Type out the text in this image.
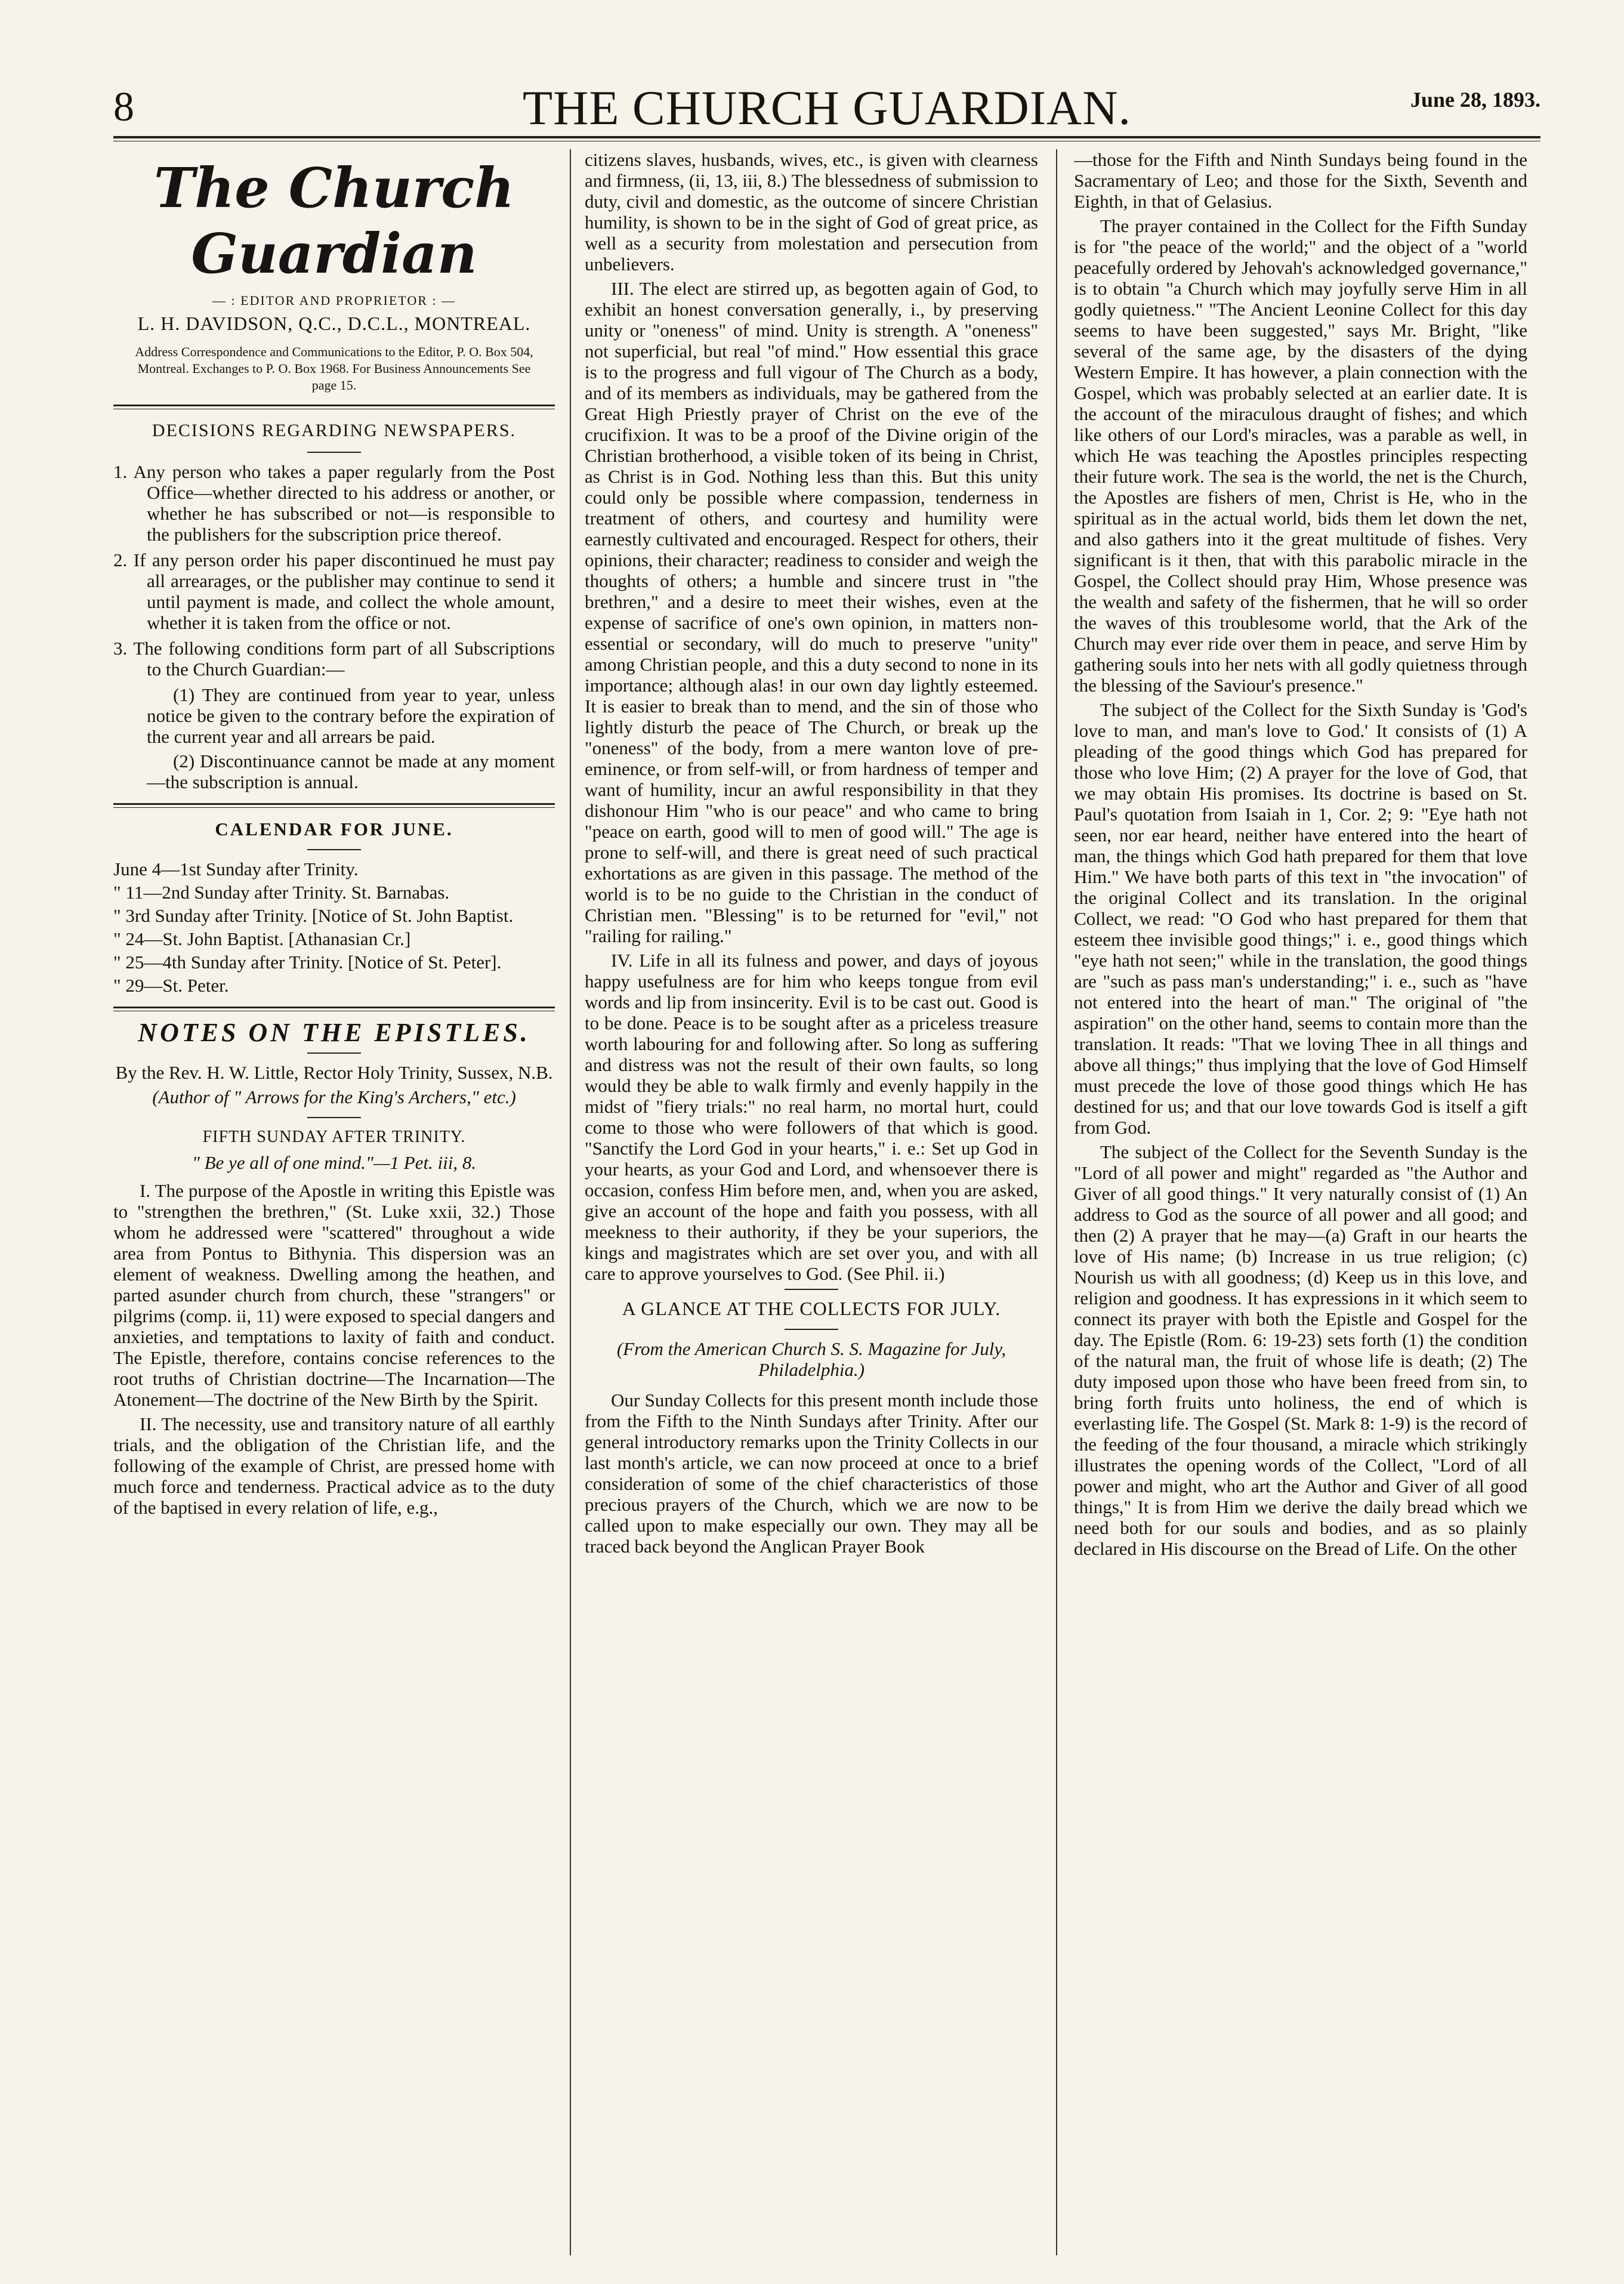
8	THE CHURCH GUARDIAN.	June 28, 1893.
The Church Guardian
— : EDITOR AND PROPRIETOR : —
L. H. DAVIDSON, Q.C., D.C.L., MONTREAL.
Address Correspondence and Communications to the Editor, P. O. Box 504, Montreal. Exchanges to P. O. Box 1968. For Business Announcements See page 15.
DECISIONS REGARDING NEWSPAPERS.

1. Any person who takes a paper regularly from the Post Office—whether directed to his address or another, or whether he has subscribed or not—is responsible to the publishers for the subscription price thereof.

2. If any person order his paper discontinued he must pay all arrearages, or the publisher may continue to send it until payment is made, and collect the whole amount, whether it is taken from the office or not.

3. The following conditions form part of all Subscriptions to the Church Guardian:—

(1) They are continued from year to year, unless notice be given to the contrary before the expiration of the current year and all arrears be paid.

(2) Discontinuance cannot be made at any moment—the subscription is annual.

CALENDAR FOR JUNE.

June 4—1st Sunday after Trinity.

" 11—2nd Sunday after Trinity. St. Barnabas.

" 3rd Sunday after Trinity. [Notice of St. John Baptist.

" 24—St. John Baptist. [Athanasian Cr.]

" 25—4th Sunday after Trinity. [Notice of St. Peter].

" 29—St. Peter.

NOTES ON THE EPISTLES.
By the Rev. H. W. Little, Rector Holy Trinity, Sussex, N.B.
(Author of " Arrows for the King's Archers," etc.)
FIFTH SUNDAY AFTER TRINITY.
" Be ye all of one mind."—1 Pet. iii, 8.

I. The purpose of the Apostle in writing this Epistle was to "strengthen the brethren," (St. Luke xxii, 32.) Those whom he addressed were "scattered" throughout a wide area from Pontus to Bithynia. This dispersion was an element of weakness. Dwelling among the heathen, and parted asunder church from church, these "strangers" or pilgrims (comp. ii, 11) were exposed to special dangers and anxieties, and temptations to laxity of faith and conduct. The Epistle, therefore, contains concise references to the root truths of Christian doctrine—The Incarnation—The Atonement—The doctrine of the New Birth by the Spirit.

II. The necessity, use and transitory nature of all earthly trials, and the obligation of the Christian life, and the following of the example of Christ, are pressed home with much force and tenderness. Practical advice as to the duty of the baptised in every relation of life, e.g.,

citizens slaves, husbands, wives, etc., is given with clearness and firmness, (ii, 13, iii, 8.) The blessedness of submission to duty, civil and domestic, as the outcome of sincere Christian humility, is shown to be in the sight of God of great price, as well as a security from molestation and persecution from unbelievers.

III. The elect are stirred up, as begotten again of God, to exhibit an honest conversation generally, i., by preserving unity or "oneness" of mind. Unity is strength. A "oneness" not superficial, but real "of mind." How essential this grace is to the progress and full vigour of The Church as a body, and of its members as individuals, may be gathered from the Great High Priestly prayer of Christ on the eve of the crucifixion. It was to be a proof of the Divine origin of the Christian brotherhood, a visible token of its being in Christ, as Christ is in God. Nothing less than this. But this unity could only be possible where compassion, tenderness in treatment of others, and courtesy and humility were earnestly cultivated and encouraged. Respect for others, their opinions, their character; readiness to consider and weigh the thoughts of others; a humble and sincere trust in "the brethren," and a desire to meet their wishes, even at the expense of sacrifice of one's own opinion, in matters non-essential or secondary, will do much to preserve "unity" among Christian people, and this a duty second to none in its importance; although alas! in our own day lightly esteemed. It is easier to break than to mend, and the sin of those who lightly disturb the peace of The Church, or break up the "oneness" of the body, from a mere wanton love of pre-eminence, or from self-will, or from hardness of temper and want of humility, incur an awful responsibility in that they dishonour Him "who is our peace" and who came to bring "peace on earth, good will to men of good will." The age is prone to self-will, and there is great need of such practical exhortations as are given in this passage. The method of the world is to be no guide to the Christian in the conduct of Christian men. "Blessing" is to be returned for "evil," not "railing for railing."

IV. Life in all its fulness and power, and days of joyous happy usefulness are for him who keeps tongue from evil words and lip from insincerity. Evil is to be cast out. Good is to be done. Peace is to be sought after as a priceless treasure worth labouring for and following after. So long as suffering and distress was not the result of their own faults, so long would they be able to walk firmly and evenly happily in the midst of "fiery trials:" no real harm, no mortal hurt, could come to those who were followers of that which is good. "Sanctify the Lord God in your hearts," i. e.: Set up God in your hearts, as your God and Lord, and whensoever there is occasion, confess Him before men, and, when you are asked, give an account of the hope and faith you possess, with all meekness to their authority, if they be your superiors, the kings and magistrates which are set over you, and with all care to approve yourselves to God. (See Phil. ii.)

A GLANCE AT THE COLLECTS FOR JULY.
(From the American Church S. S. Magazine for July, Philadelphia.)

Our Sunday Collects for this present month include those from the Fifth to the Ninth Sundays after Trinity. After our general introductory remarks upon the Trinity Collects in our last month's article, we can now proceed at once to a brief consideration of some of the chief characteristics of those precious prayers of the Church, which we are now to be called upon to make especially our own. They may all be traced back beyond the Anglican Prayer Book

—those for the Fifth and Ninth Sundays being found in the Sacramentary of Leo; and those for the Sixth, Seventh and Eighth, in that of Gelasius.

The prayer contained in the Collect for the Fifth Sunday is for "the peace of the world;" and the object of a "world peacefully ordered by Jehovah's acknowledged governance," is to obtain "a Church which may joyfully serve Him in all godly quietness." "The Ancient Leonine Collect for this day seems to have been suggested," says Mr. Bright, "like several of the same age, by the disasters of the dying Western Empire. It has however, a plain connection with the Gospel, which was probably selected at an earlier date. It is the account of the miraculous draught of fishes; and which like others of our Lord's miracles, was a parable as well, in which He was teaching the Apostles principles respecting their future work. The sea is the world, the net is the Church, the Apostles are fishers of men, Christ is He, who in the spiritual as in the actual world, bids them let down the net, and also gathers into it the great multitude of fishes. Very significant is it then, that with this parabolic miracle in the Gospel, the Collect should pray Him, Whose presence was the wealth and safety of the fishermen, that he will so order the waves of this troublesome world, that the Ark of the Church may ever ride over them in peace, and serve Him by gathering souls into her nets with all godly quietness through the blessing of the Saviour's presence."

The subject of the Collect for the Sixth Sunday is 'God's love to man, and man's love to God.' It consists of (1) A pleading of the good things which God has prepared for those who love Him; (2) A prayer for the love of God, that we may obtain His promises. Its doctrine is based on St. Paul's quotation from Isaiah in 1, Cor. 2; 9: "Eye hath not seen, nor ear heard, neither have entered into the heart of man, the things which God hath prepared for them that love Him." We have both parts of this text in "the invocation" of the original Collect and its translation. In the original Collect, we read: "O God who hast prepared for them that esteem thee invisible good things;" i. e., good things which "eye hath not seen;" while in the translation, the good things are "such as pass man's understanding;" i. e., such as "have not entered into the heart of man." The original of "the aspiration" on the other hand, seems to contain more than the translation. It reads: "That we loving Thee in all things and above all things;" thus implying that the love of God Himself must precede the love of those good things which He has destined for us; and that our love towards God is itself a gift from God.

The subject of the Collect for the Seventh Sunday is the "Lord of all power and might" regarded as "the Author and Giver of all good things." It very naturally consist of (1) An address to God as the source of all power and all good; and then (2) A prayer that he may—(a) Graft in our hearts the love of His name; (b) Increase in us true religion; (c) Nourish us with all goodness; (d) Keep us in this love, and religion and goodness. It has expressions in it which seem to connect its prayer with both the Epistle and Gospel for the day. The Epistle (Rom. 6: 19-23) sets forth (1) the condition of the natural man, the fruit of whose life is death; (2) The duty imposed upon those who have been freed from sin, to bring forth fruits unto holiness, the end of which is everlasting life. The Gospel (St. Mark 8: 1-9) is the record of the feeding of the four thousand, a miracle which strikingly illustrates the opening words of the Collect, "Lord of all power and might, who art the Author and Giver of all good things," It is from Him we derive the daily bread which we need both for our souls and bodies, and as so plainly declared in His discourse on the Bread of Life. On the other
